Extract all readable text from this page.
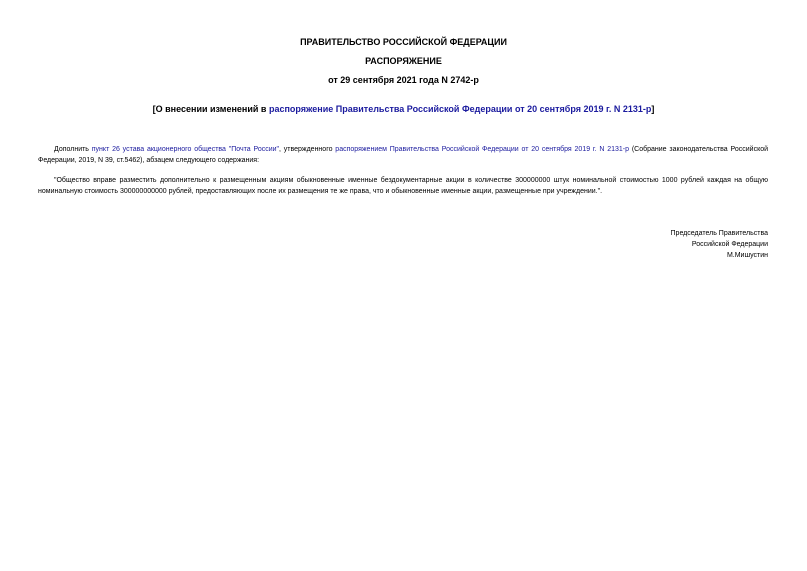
ПРАВИТЕЛЬСТВО РОССИЙСКОЙ ФЕДЕРАЦИИ
РАСПОРЯЖЕНИЕ
от 29 сентября 2021 года N 2742-р
[О внесении изменений в распоряжение Правительства Российской Федерации от 20 сентября 2019 г. N 2131-р]
Дополнить пункт 26 устава акционерного общества "Почта России", утвержденного распоряжением Правительства Российской Федерации от 20 сентября 2019 г. N 2131-р (Собрание законодательства Российской Федерации, 2019, N 39, ст.5462), абзацем следующего содержания:
"Общество вправе разместить дополнительно к размещенным акциям обыкновенные именные бездокументарные акции в количестве 300000000 штук номинальной стоимостью 1000 рублей каждая на общую номинальную стоимость 300000000000 рублей, предоставляющих после их размещения те же права, что и обыкновенные именные акции, размещенные при учреждении.".
Председатель Правительства
Российской Федерации
М.Мишустин
